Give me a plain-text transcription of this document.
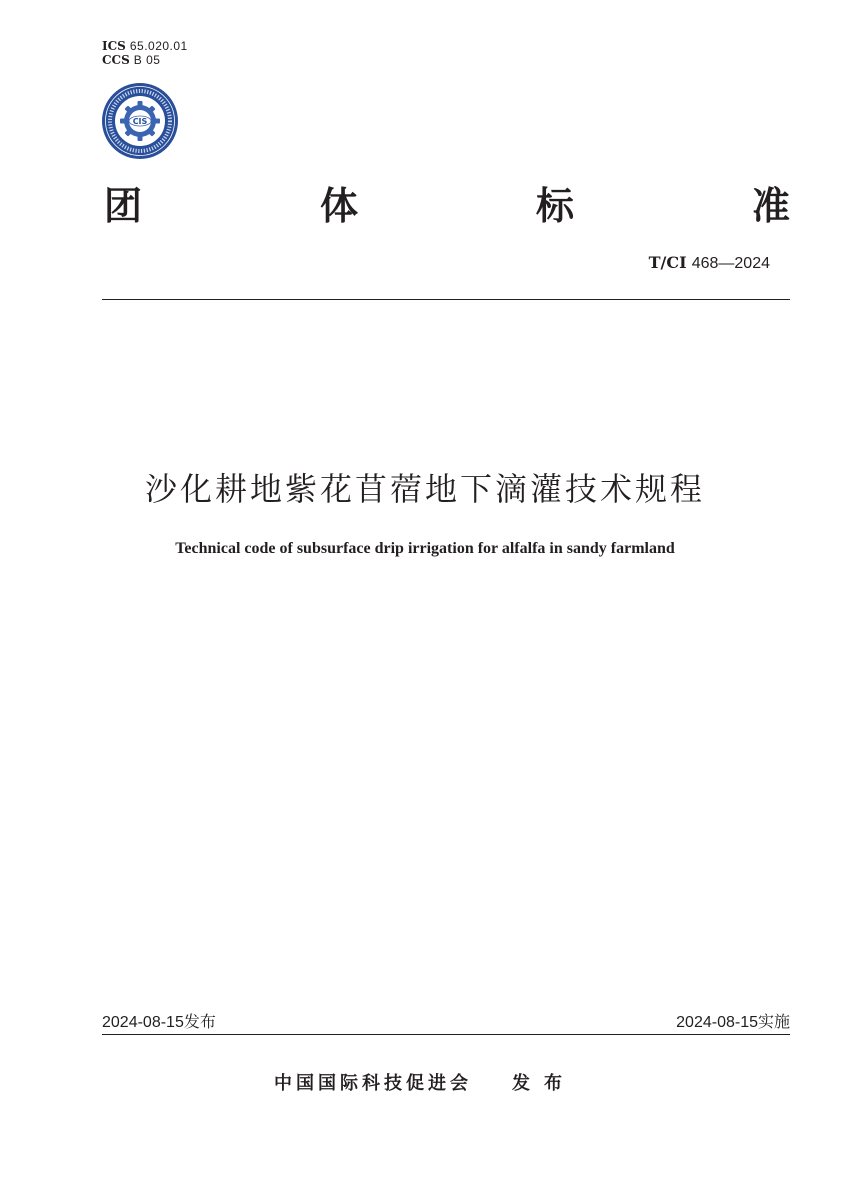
ICS 65.020.01
CCS B 05
CIS
团	体	标	准
T/CI 468—2024
沙化耕地紫花苜蓿地下滴灌技术规程
Technical code of subsurface drip irrigation for alfalfa in sandy farmland
2024-08-15发布	2024-08-15实施
中国国际科技促进会 发布
